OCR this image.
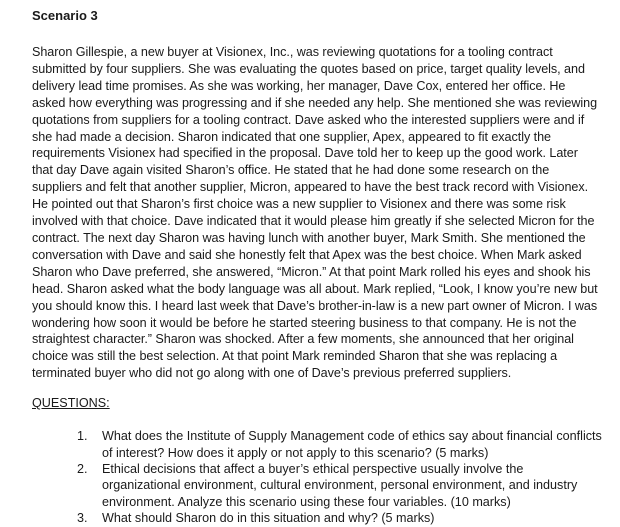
Scenario 3

Sharon Gillespie, a new buyer at Visionex, Inc., was reviewing quotations for a tooling contract submitted by four suppliers. She was evaluating the quotes based on price, target quality levels, and delivery lead time promises. As she was working, her manager, Dave Cox, entered her office. He asked how everything was progressing and if she needed any help. She mentioned she was reviewing quotations from suppliers for a tooling contract. Dave asked who the interested suppliers were and if she had made a decision. Sharon indicated that one supplier, Apex, appeared to fit exactly the requirements Visionex had specified in the proposal. Dave told her to keep up the good work. Later that day Dave again visited Sharon’s office. He stated that he had done some research on the suppliers and felt that another supplier, Micron, appeared to have the best track record with Visionex. He pointed out that Sharon’s first choice was a new supplier to Visionex and there was some risk involved with that choice. Dave indicated that it would please him greatly if she selected Micron for the contract. The next day Sharon was having lunch with another buyer, Mark Smith. She mentioned the conversation with Dave and said she honestly felt that Apex was the best choice. When Mark asked Sharon who Dave preferred, she answered, “Micron.” At that point Mark rolled his eyes and shook his head. Sharon asked what the body language was all about. Mark replied, “Look, I know you’re new but you should know this. I heard last week that Dave’s brother-in-law is a new part owner of Micron. I was wondering how soon it would be before he started steering business to that company. He is not the straightest character.” Sharon was shocked. After a few moments, she announced that her original choice was still the best selection. At that point Mark reminded Sharon that she was replacing a terminated buyer who did not go along with one of Dave’s previous preferred suppliers.

QUESTIONS:
1. What does the Institute of Supply Management code of ethics say about financial conflicts of interest? How does it apply or not apply to this scenario? (5 marks)
2. Ethical decisions that affect a buyer’s ethical perspective usually involve the organizational environment, cultural environment, personal environment, and industry environment. Analyze this scenario using these four variables. (10 marks)
3. What should Sharon do in this situation and why? (5 marks)
